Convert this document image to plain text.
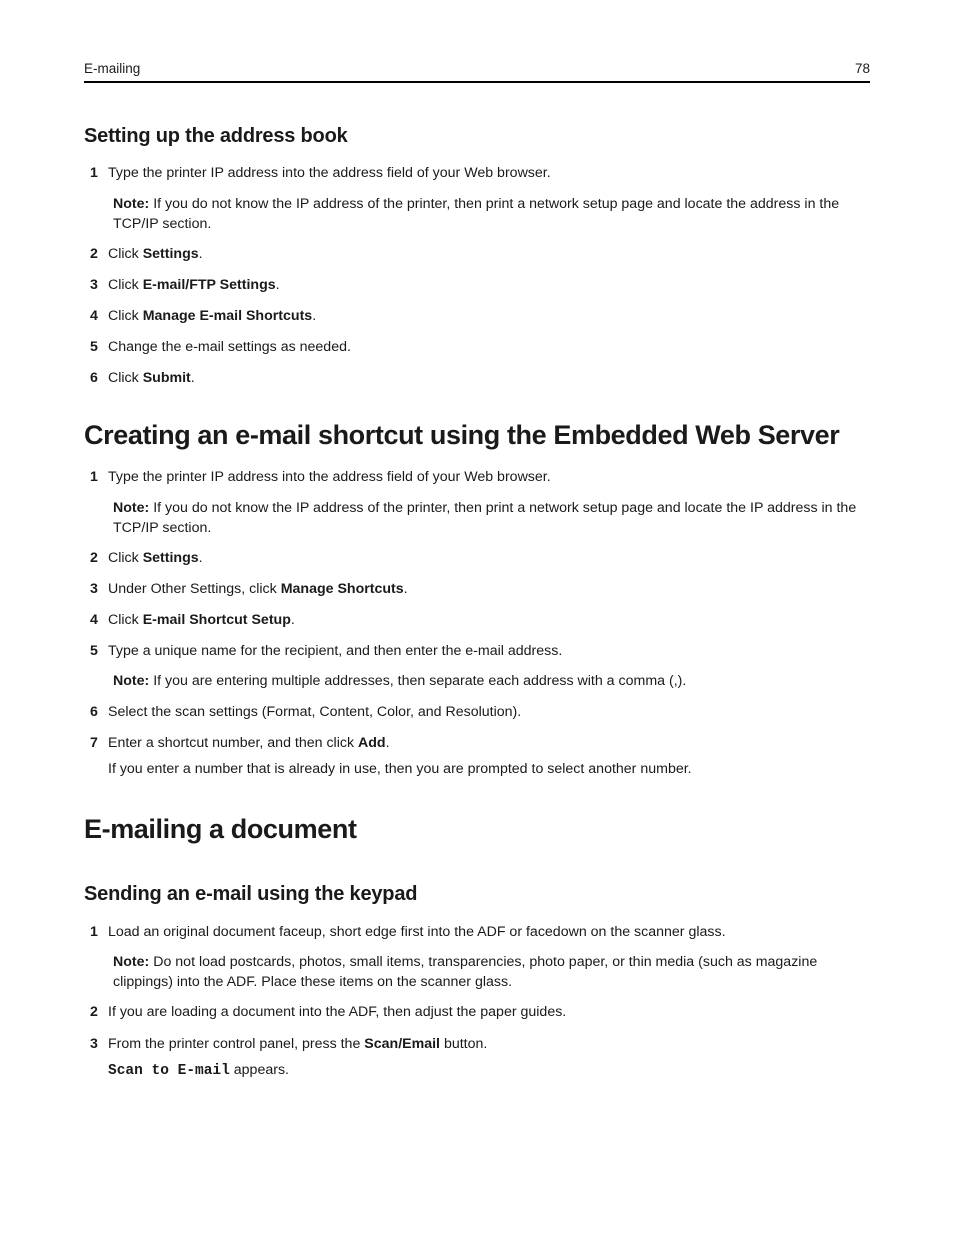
E-mailing	78
Setting up the address book
1 Type the printer IP address into the address field of your Web browser.
Note: If you do not know the IP address of the printer, then print a network setup page and locate the address in the TCP/IP section.
2 Click Settings.
3 Click E-mail/FTP Settings.
4 Click Manage E-mail Shortcuts.
5 Change the e-mail settings as needed.
6 Click Submit.
Creating an e-mail shortcut using the Embedded Web Server
1 Type the printer IP address into the address field of your Web browser.
Note: If you do not know the IP address of the printer, then print a network setup page and locate the IP address in the TCP/IP section.
2 Click Settings.
3 Under Other Settings, click Manage Shortcuts.
4 Click E-mail Shortcut Setup.
5 Type a unique name for the recipient, and then enter the e-mail address.
Note: If you are entering multiple addresses, then separate each address with a comma (,).
6 Select the scan settings (Format, Content, Color, and Resolution).
7 Enter a shortcut number, and then click Add.
If you enter a number that is already in use, then you are prompted to select another number.
E-mailing a document
Sending an e-mail using the keypad
1 Load an original document faceup, short edge first into the ADF or facedown on the scanner glass.
Note: Do not load postcards, photos, small items, transparencies, photo paper, or thin media (such as magazine clippings) into the ADF. Place these items on the scanner glass.
2 If you are loading a document into the ADF, then adjust the paper guides.
3 From the printer control panel, press the Scan/Email button.
Scan to E-mail appears.
